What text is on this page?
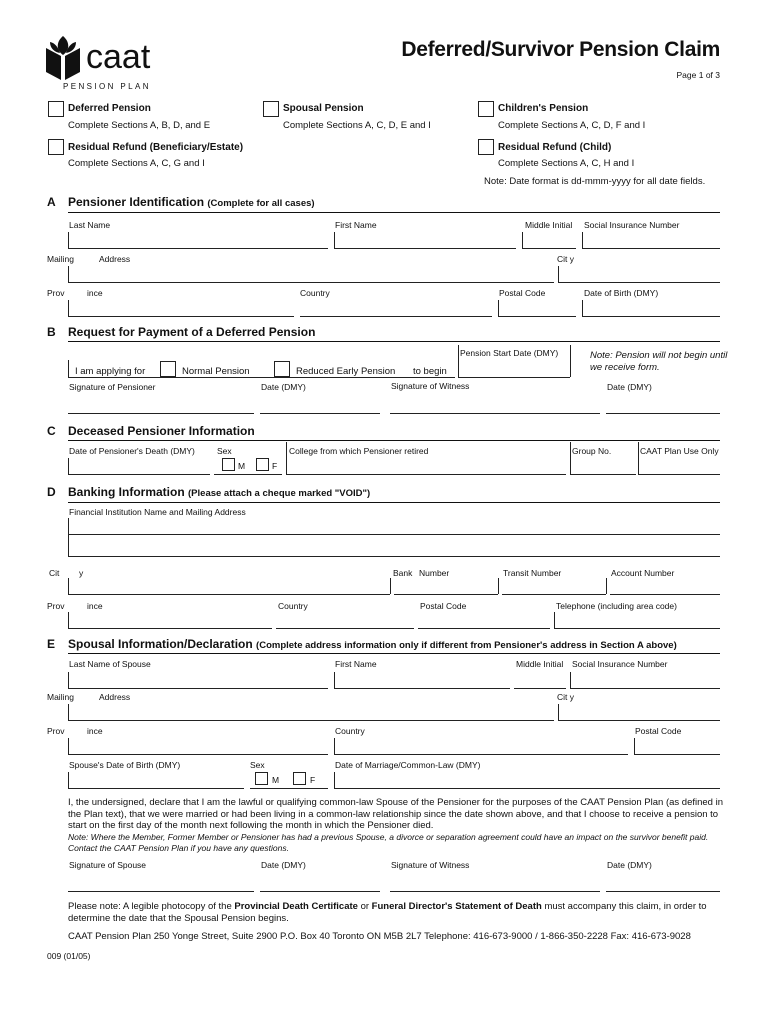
caat
PENSION PLAN
Deferred/Survivor Pension Claim
Page 1 of 3
Deferred Pension
Complete Sections A, B, D, and E
Spousal Pension
Complete Sections A, C, D, E and I
Children's Pension
Complete Sections A, C, D, F and I
Residual Refund (Beneficiary/Estate)
Complete Sections A, C, G and I
Residual Refund (Child)
Complete Sections A, C, H and I
Note: Date format is dd-mmm-yyyy for all date fields.
A Pensioner Identification (Complete for all cases)
Last Name	First Name	Middle Initial Social Insurance Number
Mailing	Address	Cit y
Prov	ince	Country	Postal Code	Date of Birth (DMY)
B Request for Payment of a Deferred Pension
Pension Start Date (DMY)	Note: Pension will not begin until we receive form.
I am applying for	Normal Pension	Reduced Early Pension to begin
Signature of Pensioner	Date (DMY)	Signature of Witness	Date (DMY)
C Deceased Pensioner Information
Date of Pensioner's Death (DMY)	Sex	College from which Pensioner retired	Group No.	CAAT Plan Use Only
M	F
D Banking Information (Please attach a cheque marked "VOID")
Financial Institution Name and Mailing Address
Cit y	Bank Number	Transit Number	Account Number
Prov	ince	Country	Postal Code	Telephone (including area code)
E Spousal Information/Declaration (Complete address information only if different from Pensioner's address in Section A above)
Last Name of Spouse	First Name	Middle Initial Social Insurance Number
Mailing	Address	Cit y
Prov	ince	Country	Postal Code
Spouse's Date of Birth (DMY)	Sex	Date of Marriage/Common-Law (DMY)
M	F
I, the undersigned, declare that I am the lawful or qualifying common-law Spouse of the Pensioner for the purposes of the CAAT Pension Plan (as defined in the Plan text), that we were married or had been living in a common-law relationship since the date shown above, and that I choose to receive a pension to start on the first day of the month next following the month in which the Pensioner died.
Note: Where the Member, Former Member or Pensioner has had a previous Spouse, a divorce or separation agreement could have an impact on the survivor benefit paid. Contact the CAAT Pension Plan if you have any questions.
Signature of Spouse	Date (DMY)	Signature of Witness	Date (DMY)
Please note: A legible photocopy of the Provincial Death Certificate or Funeral Director's Statement of Death must accompany this claim, in order to determine the date that the Spousal Pension begins.
CAAT Pension Plan 250 Yonge Street, Suite 2900 P.O. Box 40 Toronto ON M5B 2L7 Telephone: 416-673-9000 / 1-866-350-2228 Fax: 416-673-9028
009 (01/05)
